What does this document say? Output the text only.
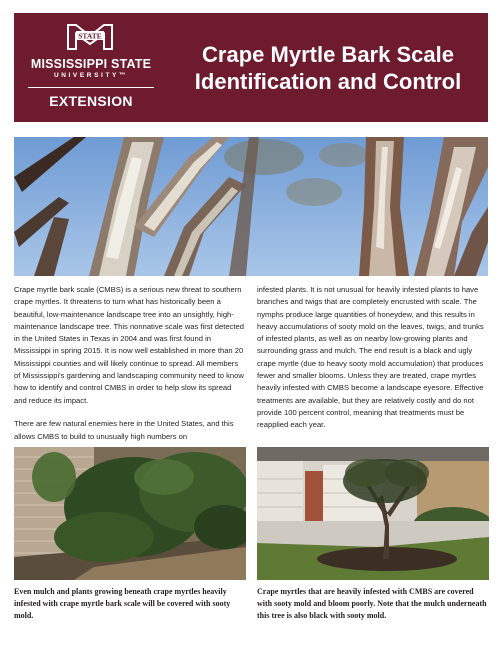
STATE
MISSISSIPPI STATE
UNIVERSITY™
EXTENSION
Crape Myrtle Bark Scale
Identification and Control

Crape myrtle bark scale (CMBS) is a serious new threat to southern crape myrtles. It threatens to turn what has historically been a beautiful, low-maintenance landscape tree into an unsightly, high-maintenance landscape tree. This nonnative scale was first detected in the United States in Texas in 2004 and was first found in Mississippi in spring 2015. It is now well established in more than 20 Mississippi counties and will likely continue to spread. All members of Mississippi's gardening and landscaping community need to know how to identify and control CMBS in order to help slow its spread and reduce its impact.

There are few natural enemies here in the United States, and this allows CMBS to build to unusually high numbers on

infested plants. It is not unusual for heavily infested plants to have branches and twigs that are completely encrusted with scale. The nymphs produce large quantities of honeydew, and this results in heavy accumulations of sooty mold on the leaves, twigs, and trunks of infested plants, as well as on nearby low-growing plants and surrounding grass and mulch. The end result is a black and ugly crape myrtle (due to heavy sooty mold accumulation) that produces fewer and smaller blooms. Unless they are treated, crape myrtles heavily infested with CMBS become a landscape eyesore. Effective treatments are available, but they are relatively costly and do not provide 100 percent control, meaning that treatments must be reapplied each year.

Even mulch and plants growing beneath crape myrtles heavily infested with crape myrtle bark scale will be covered with sooty mold.
Crape myrtles that are heavily infested with CMBS are covered with sooty mold and bloom poorly. Note that the mulch underneath this tree is also black with sooty mold.
